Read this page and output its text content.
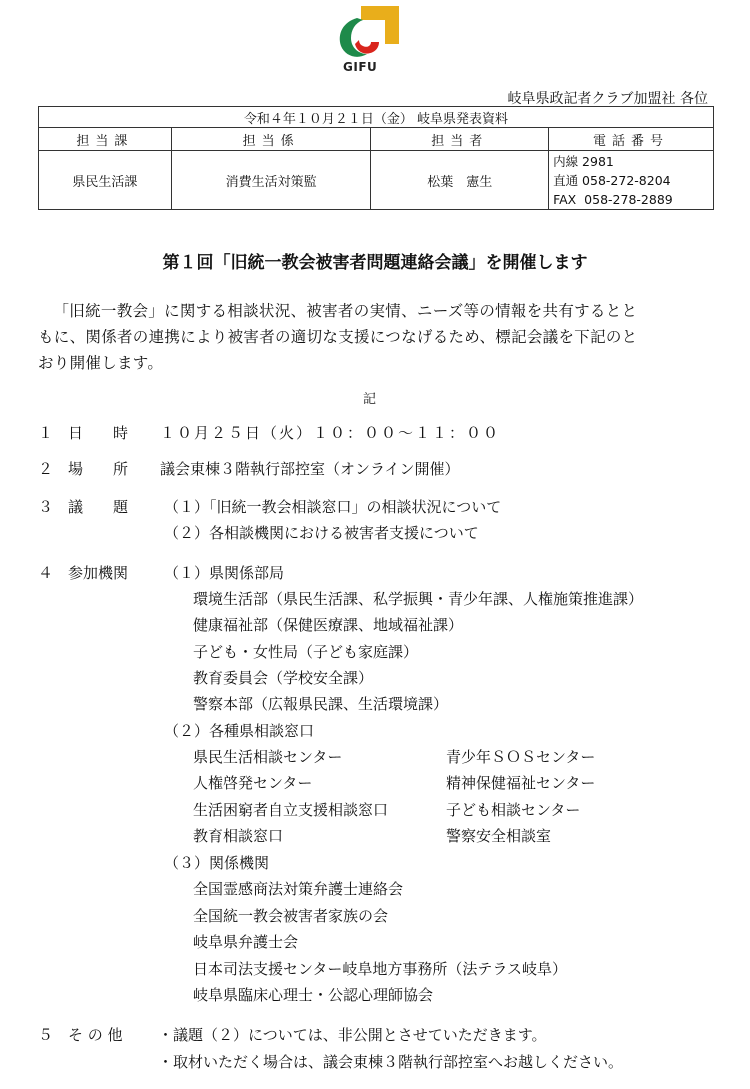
GIFU
岐阜県政記者クラブ加盟社 各位
令和４年１０月２１日（金） 岐阜県発表資料			
担当課	担当係	担当者	電話番号
県民生活課	消費生活対策監	松葉　憲生	内線 2981
直通 058-272-8204
FAX  058-278-2889
第１回「旧統一教会被害者問題連絡会議」を開催します
「旧統一教会」に関する相談状況、被害者の実情、ニーズ等の情報を共有するとと
もに、関係者の連携により被害者の適切な支援につなげるため、標記会議を下記のと
おり開催します。
記
１ 日　　時 １０月２５日（火）１０：００～１１：００
２ 場　　所 議会東棟３階執行部控室（オンライン開催）
３ 議　　題 （１）「旧統一教会相談窓口」の相談状況について
（２）各相談機関における被害者支援について
４ 参加機関 （１）県関係部局
環境生活部（県民生活課、私学振興・青少年課、人権施策推進課）
健康福祉部（保健医療課、地域福祉課）
子ども・女性局（子ども家庭課）
教育委員会（学校安全課）
警察本部（広報県民課、生活環境課）
（２）各種県相談窓口
県民生活相談センター	青少年ＳＯＳセンター
人権啓発センター	精神保健福祉センター
生活困窮者自立支援相談窓口	子ども相談センター
教育相談窓口	警察安全相談室
（３）関係機関
全国霊感商法対策弁護士連絡会
全国統一教会被害者家族の会
岐阜県弁護士会
日本司法支援センター岐阜地方事務所（法テラス岐阜）
岐阜県臨床心理士・公認心理師協会
５ そ の 他 ・議題（２）については、非公開とさせていただきます。
・取材いただく場合は、議会東棟３階執行部控室へお越しください。
